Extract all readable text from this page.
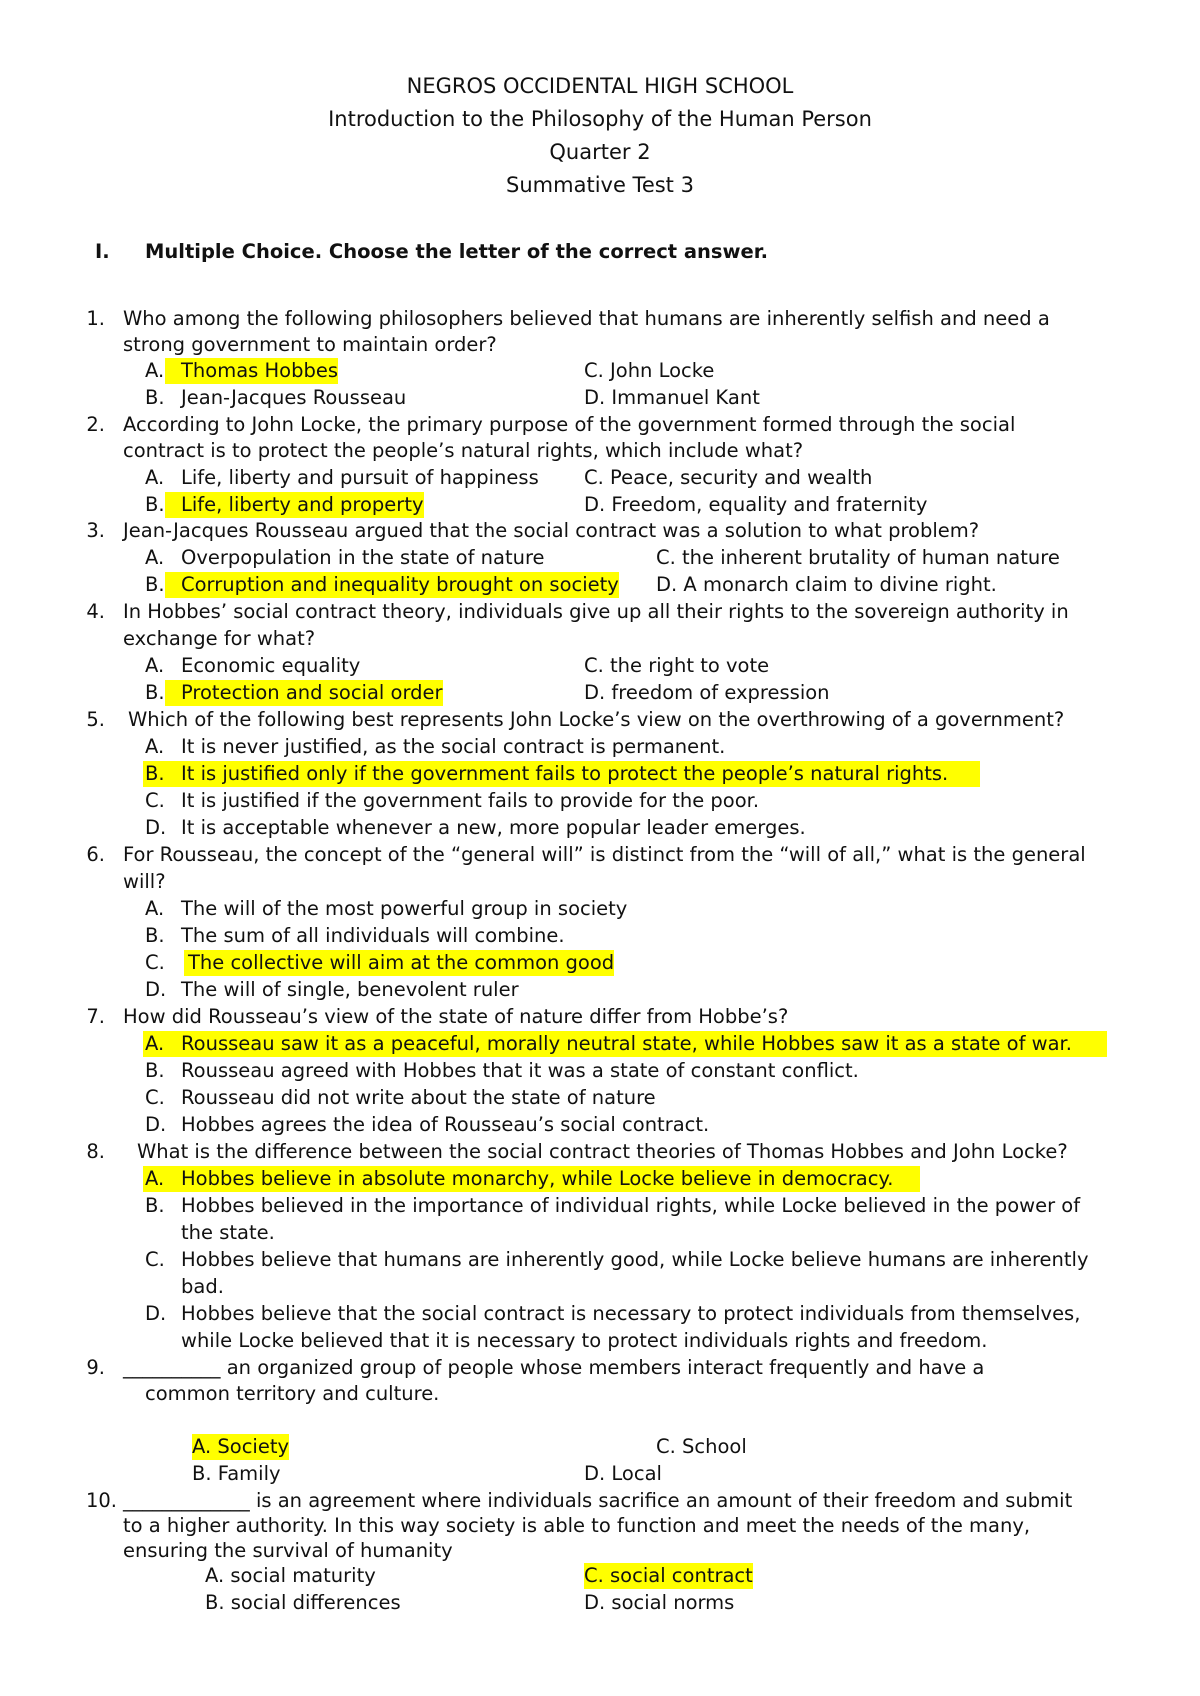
NEGROS OCCIDENTAL HIGH SCHOOL
Introduction to the Philosophy of the Human Person
Quarter 2
Summative Test 3
I. Multiple Choice. Choose the letter of the correct answer.
1. Who among the following philosophers believed that humans are inherently selfish and need a
strong government to maintain order?
A. Thomas Hobbes	C. John Locke
B. Jean-Jacques Rousseau	D. Immanuel Kant
2. According to John Locke, the primary purpose of the government formed through the social
contract is to protect the people’s natural rights, which include what?
A. Life, liberty and pursuit of happiness C. Peace, security and wealth
B. Life, liberty and property	D. Freedom, equality and fraternity
3. Jean-Jacques Rousseau argued that the social contract was a solution to what problem?
A. Overpopulation in the state of nature	C. the inherent brutality of human nature
B. Corruption and inequality brought on society D. A monarch claim to divine right.
4. In Hobbes’ social contract theory, individuals give up all their rights to the sovereign authority in
exchange for what?
A. Economic equality	C. the right to vote
B. Protection and social order	D. freedom of expression
5. Which of the following best represents John Locke’s view on the overthrowing of a government?
A. It is never justified, as the social contract is permanent.
B. It is justified only if the government fails to protect the people’s natural rights.
C. It is justified if the government fails to provide for the poor.
D. It is acceptable whenever a new, more popular leader emerges.
6. For Rousseau, the concept of the “general will” is distinct from the “will of all,” what is the general
will?
A. The will of the most powerful group in society
B. The sum of all individuals will combine.
C. The collective will aim at the common good
D. The will of single, benevolent ruler
7. How did Rousseau’s view of the state of nature differ from Hobbe’s?
A. Rousseau saw it as a peaceful, morally neutral state, while Hobbes saw it as a state of war.
B. Rousseau agreed with Hobbes that it was a state of constant conflict.
C. Rousseau did not write about the state of nature
D. Hobbes agrees the idea of Rousseau’s social contract.
8. What is the difference between the social contract theories of Thomas Hobbes and John Locke?
A. Hobbes believe in absolute monarchy, while Locke believe in democracy.
B. Hobbes believed in the importance of individual rights, while Locke believed in the power of
the state.
C. Hobbes believe that humans are inherently good, while Locke believe humans are inherently
bad.
D. Hobbes believe that the social contract is necessary to protect individuals from themselves,
while Locke believed that it is necessary to protect individuals rights and freedom.
9. __________ an organized group of people whose members interact frequently and have a
common territory and culture.
A. Society	C. School
B. Family	D. Local
10. _____________ is an agreement where individuals sacrifice an amount of their freedom and submit
to a higher authority. In this way society is able to function and meet the needs of the many,
ensuring the survival of humanity
A. social maturity	C. social contract
B. social differences	D. social norms
